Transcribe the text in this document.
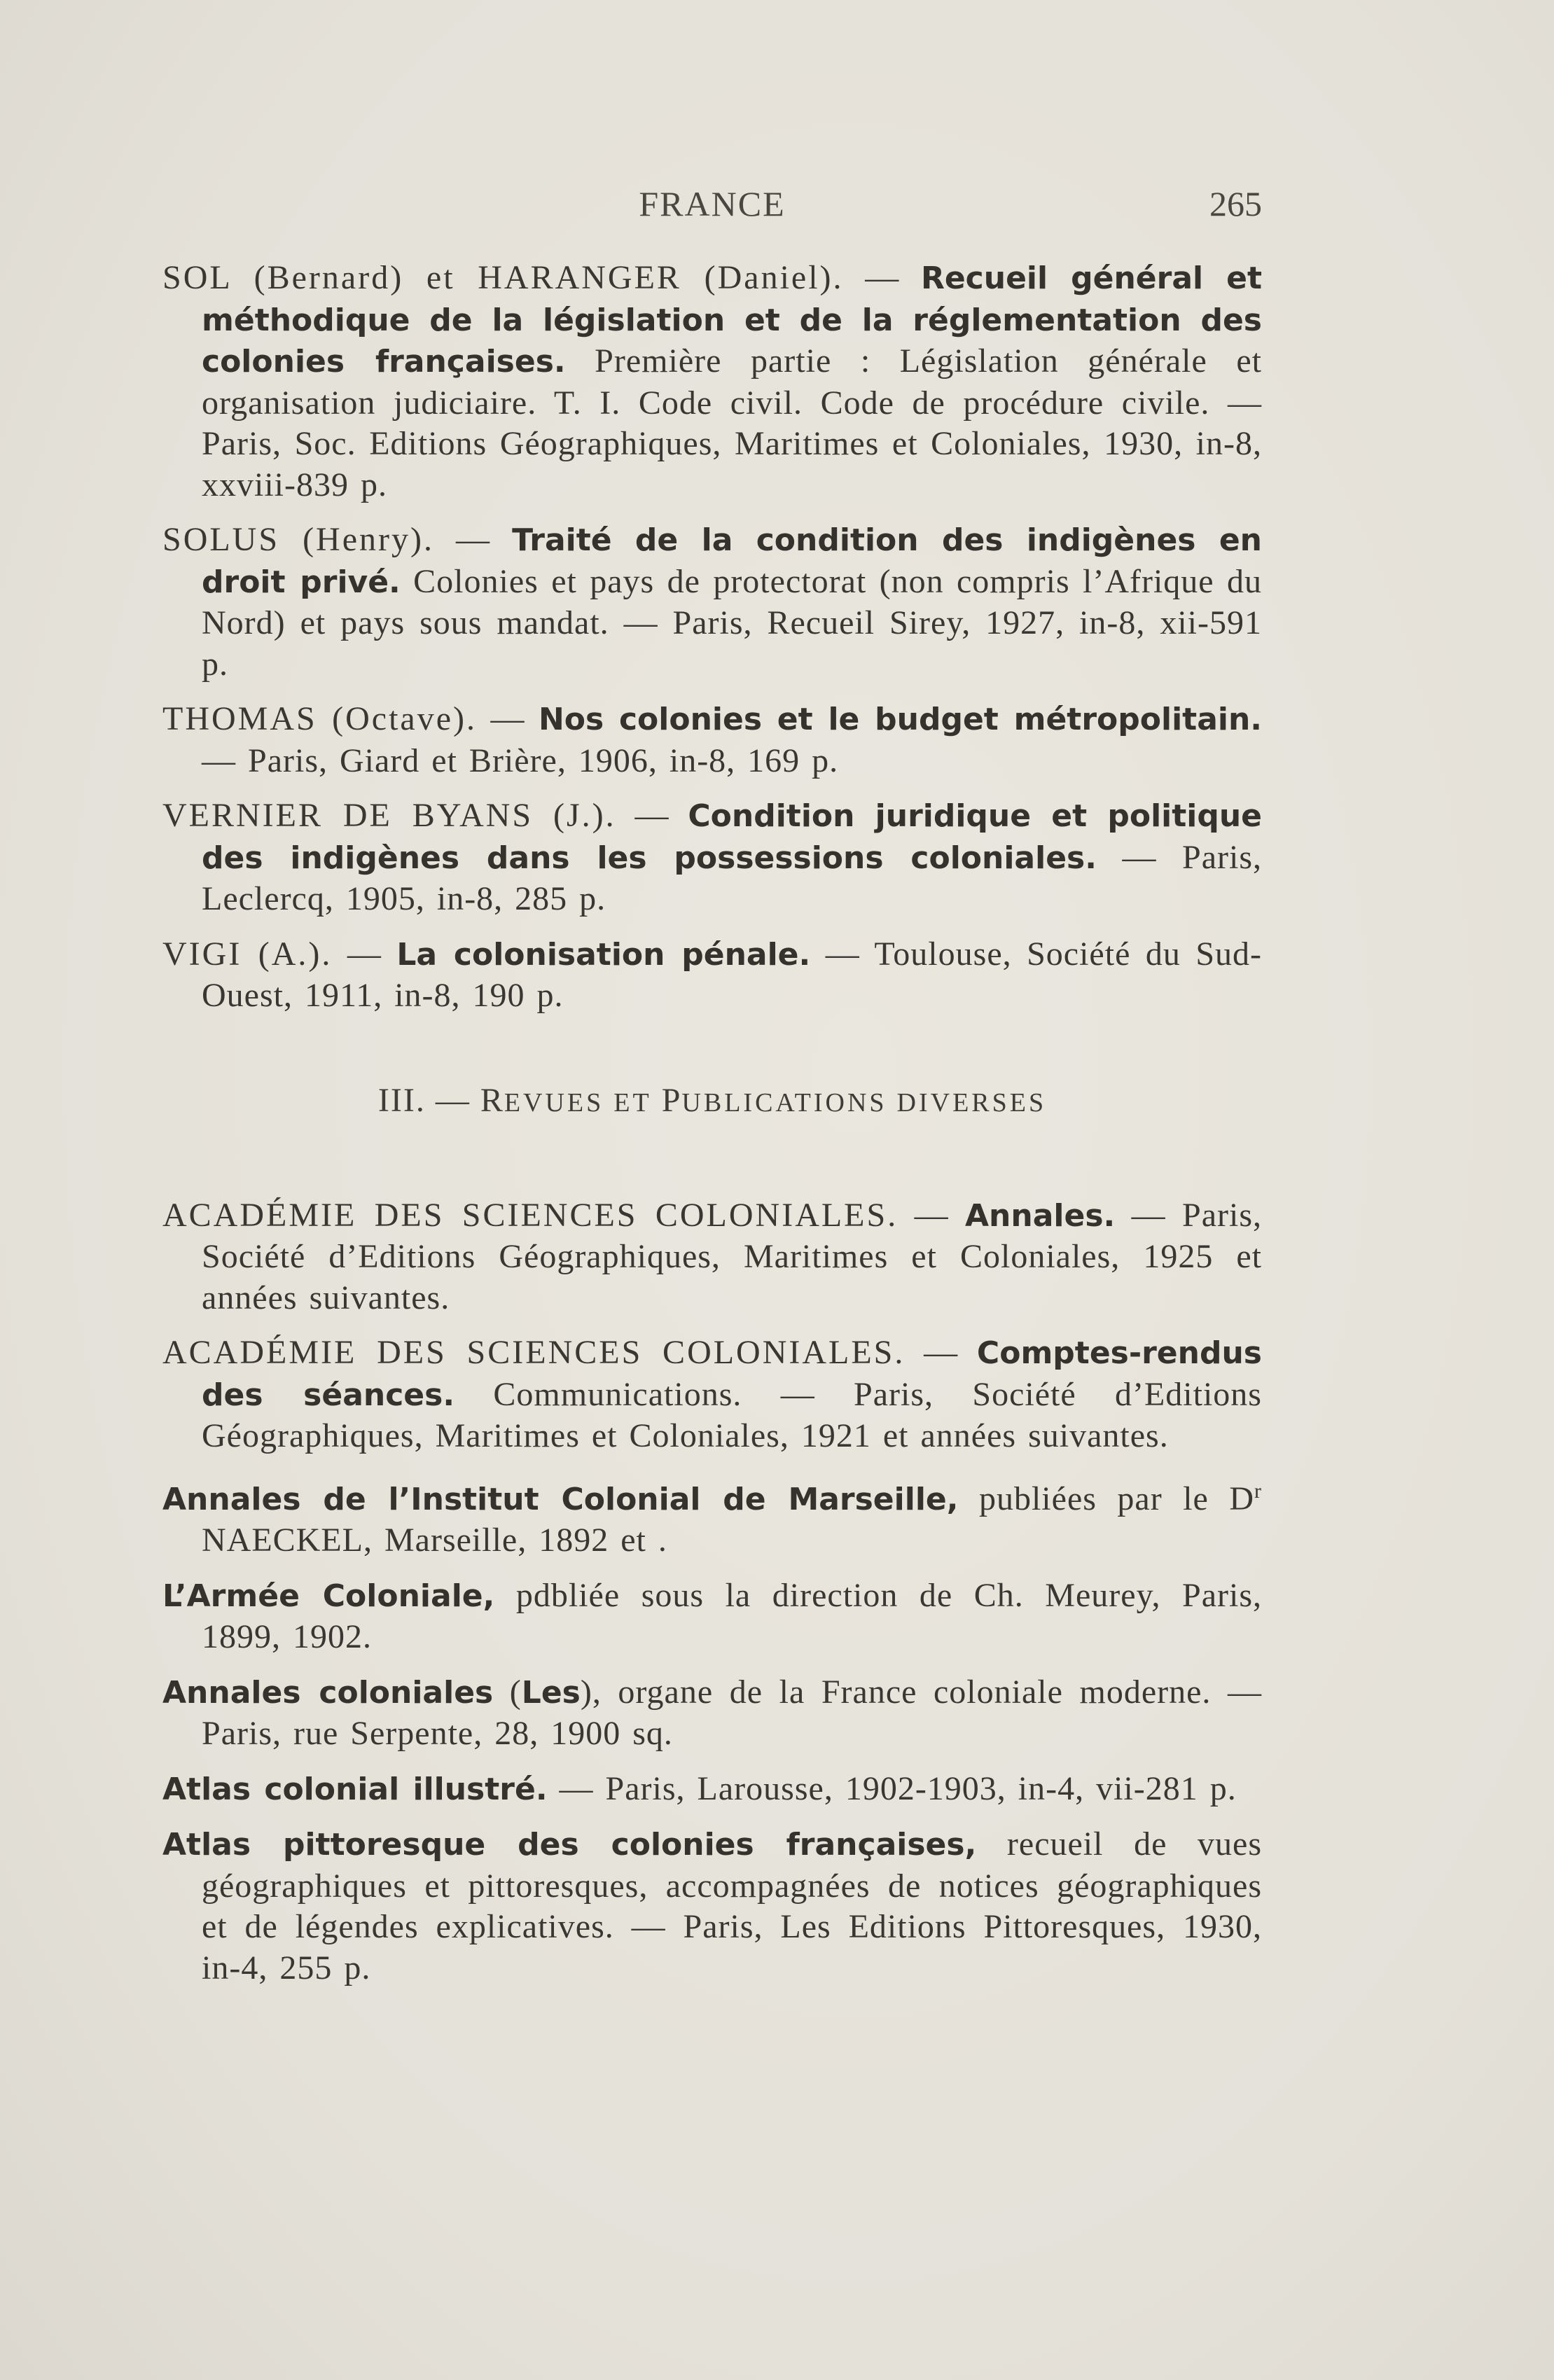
FRANCE	265

SOL (Bernard) et HARANGER (Daniel). — Recueil général et méthodique de la législation et de la réglementation des colonies françaises. Première partie : Législation générale et organisation judiciaire. T. I. Code civil. Code de procédure civile. — Paris, Soc. Editions Géographiques, Maritimes et Coloniales, 1930, in-8, xxviii-839 p.

SOLUS (Henry). — Traité de la condition des indigènes en droit privé. Colonies et pays de protectorat (non compris l’Afrique du Nord) et pays sous mandat. — Paris, Recueil Sirey, 1927, in-8, xii-591 p.

THOMAS (Octave). — Nos colonies et le budget métropolitain. — Paris, Giard et Brière, 1906, in-8, 169 p.

VERNIER DE BYANS (J.). — Condition juridique et politique des indigènes dans les possessions coloniales. — Paris, Leclercq, 1905, in-8, 285 p.

VIGI (A.). — La colonisation pénale. — Toulouse, Société du Sud-Ouest, 1911, in-8, 190 p.

III. — REVUES ET PUBLICATIONS DIVERSES

ACADÉMIE DES SCIENCES COLONIALES. — Annales. — Paris, Société d’Editions Géographiques, Maritimes et Coloniales, 1925 et années suivantes.

ACADÉMIE DES SCIENCES COLONIALES. — Comptes-rendus des séances. Communications. — Paris, Société d’Editions Géographiques, Maritimes et Coloniales, 1921 et années suivantes.

Annales de l’Institut Colonial de Marseille, publiées par le $D^r$ NAECKEL, Marseille, 1892 et .

L’Armée Coloniale, pdbliée sous la direction de Ch. Meurey, Paris, 1899, 1902.

Annales coloniales (Les), organe de la France coloniale moderne. — Paris, rue Serpente, 28, 1900 sq.

Atlas colonial illustré. — Paris, Larousse, 1902-1903, in-4, vii-281 p.

Atlas pittoresque des colonies françaises, recueil de vues géographiques et pittoresques, accompagnées de notices géographiques et de légendes explicatives. — Paris, Les Editions Pittoresques, 1930, in-4, 255 p.
